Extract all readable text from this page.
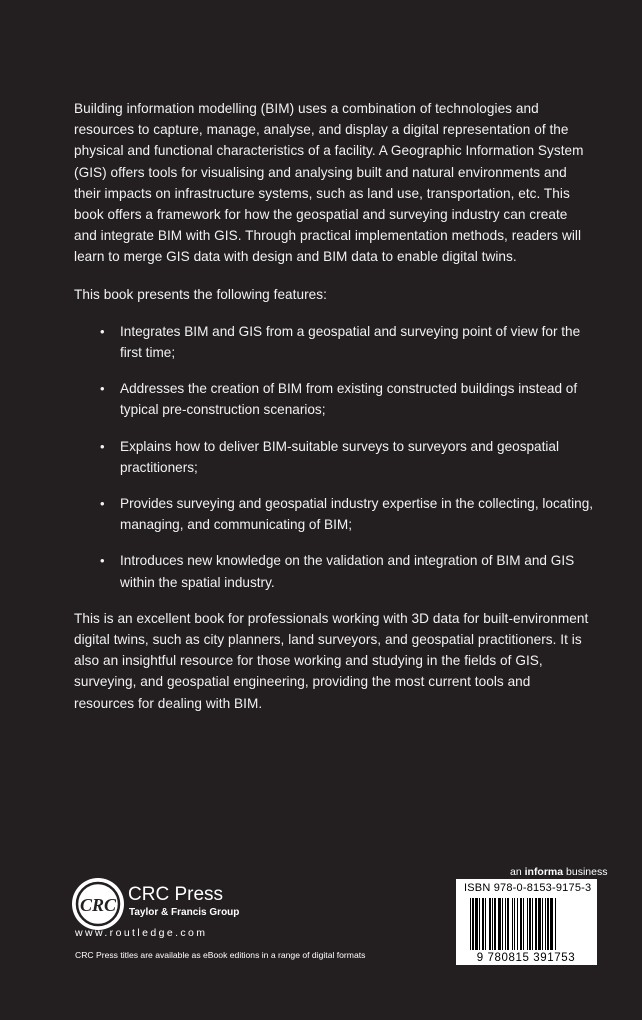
Building information modelling (BIM) uses a combination of technologies and resources to capture, manage, analyse, and display a digital representation of the physical and functional characteristics of a facility. A Geographic Information System (GIS) offers tools for visualising and analysing built and natural environments and their impacts on infrastructure systems, such as land use, transportation, etc. This book offers a framework for how the geospatial and surveying industry can create and integrate BIM with GIS. Through practical implementation methods, readers will learn to merge GIS data with design and BIM data to enable digital twins.

This book presents the following features:

• Integrates BIM and GIS from a geospatial and surveying point of view for the first time;
• Addresses the creation of BIM from existing constructed buildings instead of typical pre-construction scenarios;
• Explains how to deliver BIM-suitable surveys to surveyors and geospatial practitioners;
• Provides surveying and geospatial industry expertise in the collecting, locating, managing, and communicating of BIM;
• Introduces new knowledge on the validation and integration of BIM and GIS within the spatial industry.

This is an excellent book for professionals working with 3D data for built-environment digital twins, such as city planners, land surveyors, and geospatial practitioners. It is also an insightful resource for those working and studying in the fields of GIS, surveying, and geospatial engineering, providing the most current tools and resources for dealing with BIM.

an informa business
ISBN 978-0-8153-9175-3
9 780815 391753
CRC CRC Press
Taylor & Francis Group
www.routledge.com
CRC Press titles are available as eBook editions in a range of digital formats
